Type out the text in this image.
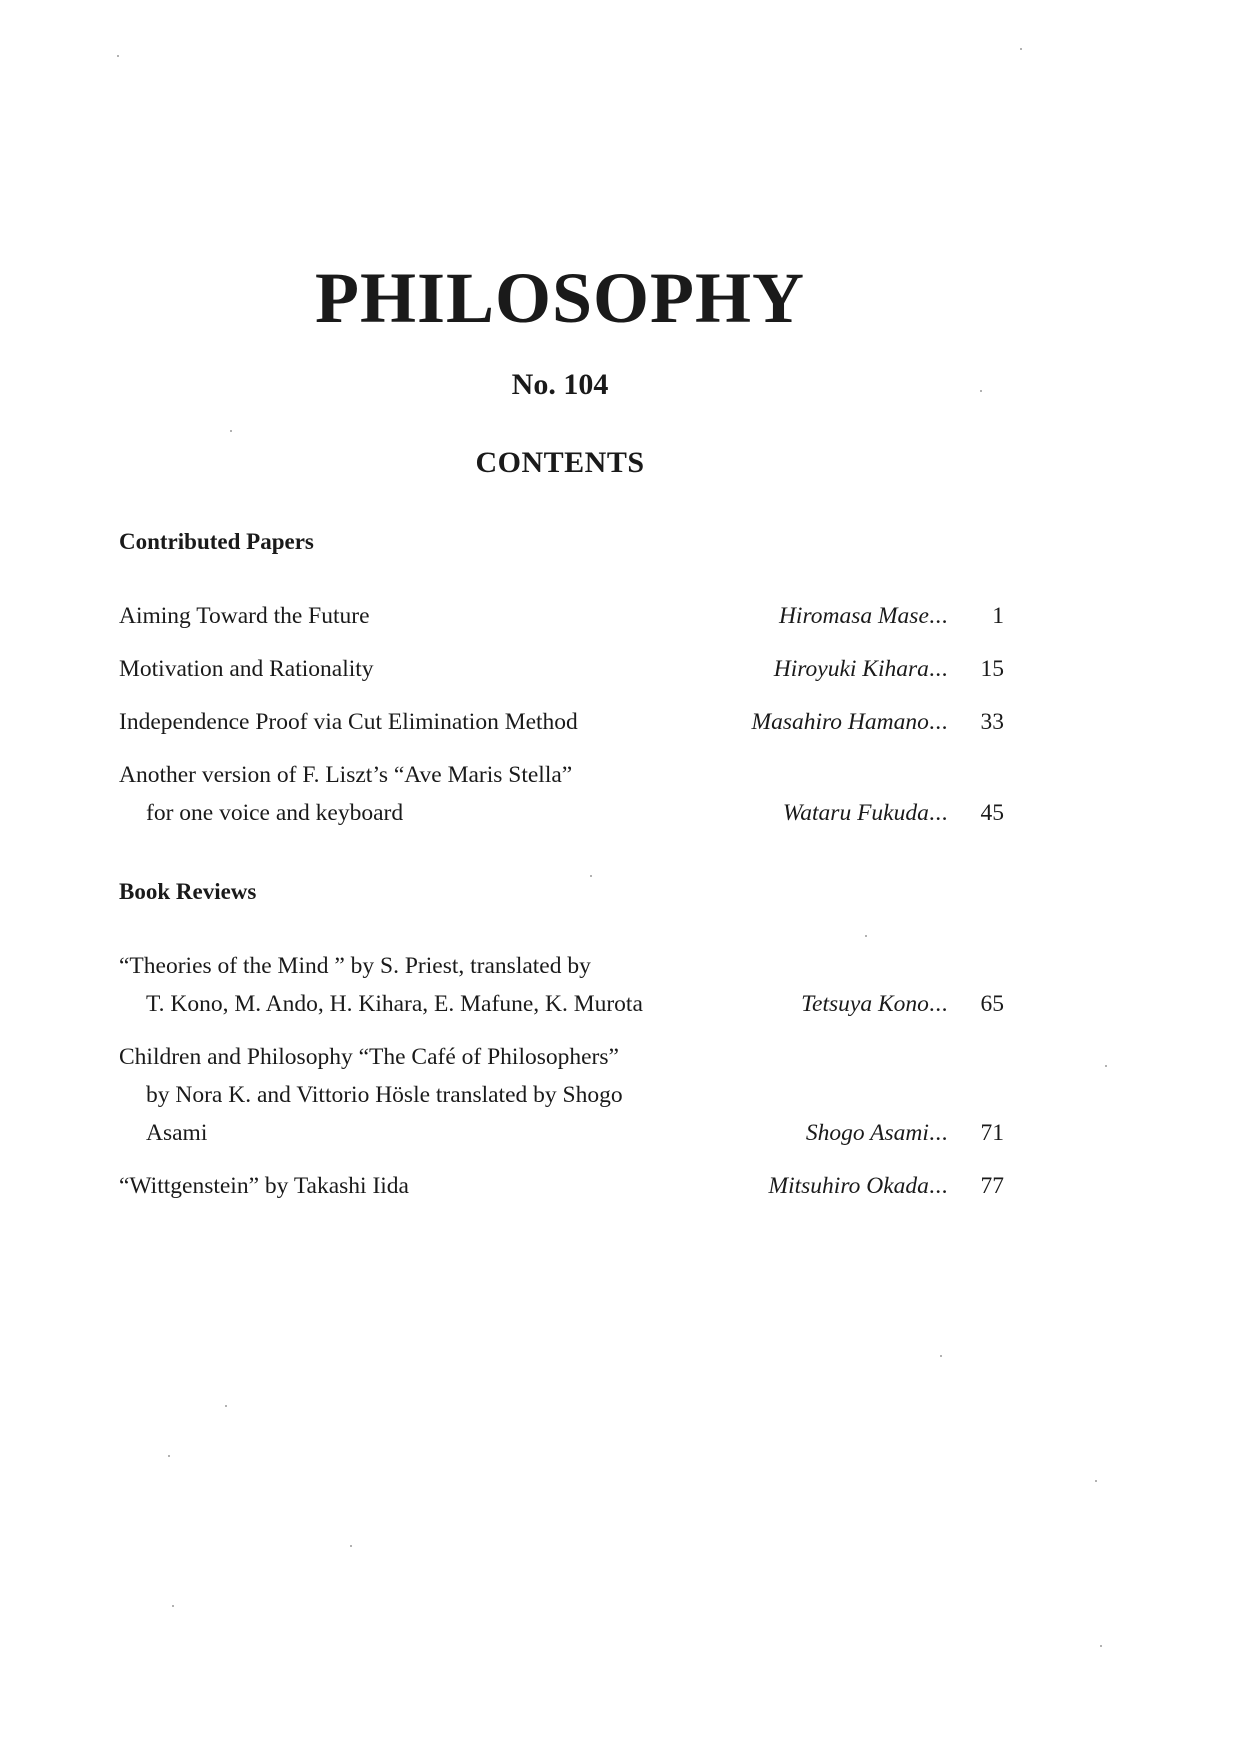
PHILOSOPHY
No. 104
CONTENTS
Contributed Papers
Aiming Toward the Future	Hiromasa Mase...	1
Motivation and Rationality	Hiroyuki Kihara...	15
Independence Proof via Cut Elimination Method	Masahiro Hamano...	33
Another version of F. Liszt’s “Ave Maris Stella”
for one voice and keyboard	Wataru Fukuda...	45
Book Reviews
“Theories of the Mind ” by S. Priest, translated by
T. Kono, M. Ando, H. Kihara, E. Mafune, K. Murota	Tetsuya Kono...	65
Children and Philosophy “The Café of Philosophers”
by Nora K. and Vittorio Hösle translated by Shogo
Asami	Shogo Asami...	71
“Wittgenstein” by Takashi Iida	Mitsuhiro Okada...	77
